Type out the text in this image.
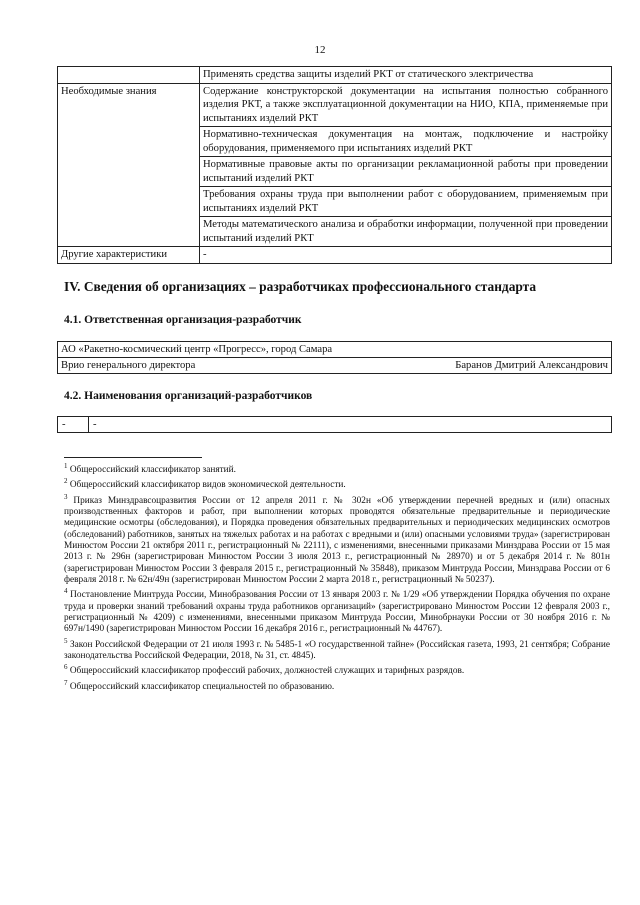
12
	Применять средства защиты изделий РКТ от статического электричества
Необходимые знания	Содержание конструкторской документации на испытания полностью собранного изделия РКТ, а также эксплуатационной документации на НИО, КПА, применяемые при испытаниях изделий РКТ
	Нормативно-техническая документация на монтаж, подключение и настройку оборудования, применяемого при испытаниях изделий РКТ
	Нормативные правовые акты по организации рекламационной работы при проведении испытаний изделий РКТ
	Требования охраны труда при выполнении работ с оборудованием, применяемым при испытаниях изделий РКТ
	Методы математического анализа и обработки информации, полученной при проведении испытаний изделий РКТ
Другие характеристики	-
IV. Сведения об организациях – разработчиках профессионального стандарта
4.1. Ответственная организация-разработчик
АО «Ракетно-космический центр «Прогресс», город Самара

Врио генерального директора	Баранов Дмитрий Александрович
4.2. Наименования организаций-разработчиков
-	-

$^1$ Общероссийский классификатор занятий.

$^2$ Общероссийский классификатор видов экономической деятельности.

$^3$ Приказ Минздравсоцразвития России от 12 апреля 2011 г. № 302н «Об утверждении перечней вредных и (или) опасных производственных факторов и работ, при выполнении которых проводятся обязательные предварительные и периодические медицинские осмотры (обследования), и Порядка проведения обязательных предварительных и периодических медицинских осмотров (обследований) работников, занятых на тяжелых работах и на работах с вредными и (или) опасными условиями труда» (зарегистрирован Минюстом России 21 октября 2011 г., регистрационный № 22111), с изменениями, внесенными приказами Минздрава России от 15 мая 2013 г. № 296н (зарегистрирован Минюстом России 3 июля 2013 г., регистрационный № 28970) и от 5 декабря 2014 г. № 801н (зарегистрирован Минюстом России 3 февраля 2015 г., регистрационный № 35848), приказом Минтруда России, Минздрава России от 6 февраля 2018 г. № 62н/49н (зарегистрирован Минюстом России 2 марта 2018 г., регистрационный № 50237).

$^4$ Постановление Минтруда России, Минобразования России от 13 января 2003 г. № 1/29 «Об утверждении Порядка обучения по охране труда и проверки знаний требований охраны труда работников организаций» (зарегистрировано Минюстом России 12 февраля 2003 г., регистрационный № 4209) с изменениями, внесенными приказом Минтруда России, Минобрнауки России от 30 ноября 2016 г. № 697н/1490 (зарегистрирован Минюстом России 16 декабря 2016 г., регистрационный № 44767).

$^5$ Закон Российской Федерации от 21 июля 1993 г. № 5485-1 «О государственной тайне» (Российская газета, 1993, 21 сентября; Собрание законодательства Российской Федерации, 2018, № 31, ст. 4845).

$^6$ Общероссийский классификатор профессий рабочих, должностей служащих и тарифных разрядов.

$^7$ Общероссийский классификатор специальностей по образованию.
